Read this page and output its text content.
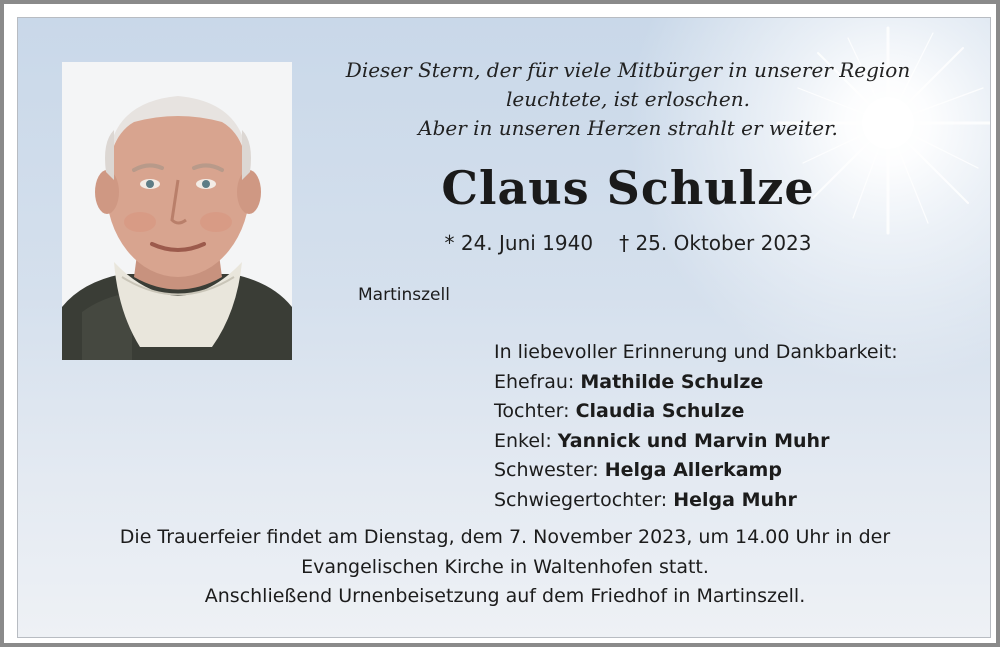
Dieser Stern, der für viele Mitbürger in unserer Region
leuchtete, ist erloschen.
Aber in unseren Herzen strahlt er weiter.
Claus Schulze
* 24. Juni 1940 † 25. Oktober 2023
Martinszell
In liebevoller Erinnerung und Dankbarkeit:
Ehefrau: Mathilde Schulze
Tochter: Claudia Schulze
Enkel: Yannick und Marvin Muhr
Schwester: Helga Allerkamp
Schwiegertochter: Helga Muhr
Die Trauerfeier findet am Dienstag, dem 7. November 2023, um 14.00 Uhr in der
Evangelischen Kirche in Waltenhofen statt.
Anschließend Urnenbeisetzung auf dem Friedhof in Martinszell.
